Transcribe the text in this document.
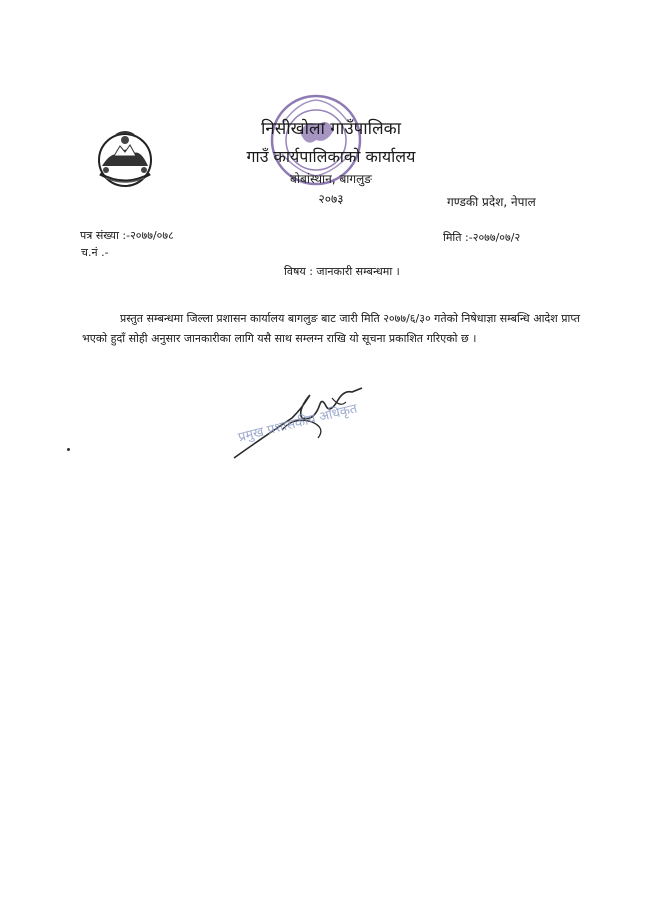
निसीखोला गाउँपालिका
गाउँ कार्यपालिकाको कार्यालय
बोबांस्थान, बागलुङ
२०७३	गण्डकी प्रदेश, नेपाल
पत्र संख्या :-२०७७/०७८	मिति :-२०७७/०७/२
च.नं .-
विषय : जानकारी सम्बन्धमा ।
प्रस्तुत सम्बन्धमा जिल्ला प्रशासन कार्यालय बागलुङ बाट जारी मिति २०७७/६/३० गतेको निषेधाज्ञा सम्बन्धि आदेश प्राप्त भएको हुदाँ सोही अनुसार जानकारीका लागि यसै साथ सम्लग्न राखि यो सूचना प्रकाशित गरिएको छ ।
प्रमुख प्रशासकीय अधिकृत
